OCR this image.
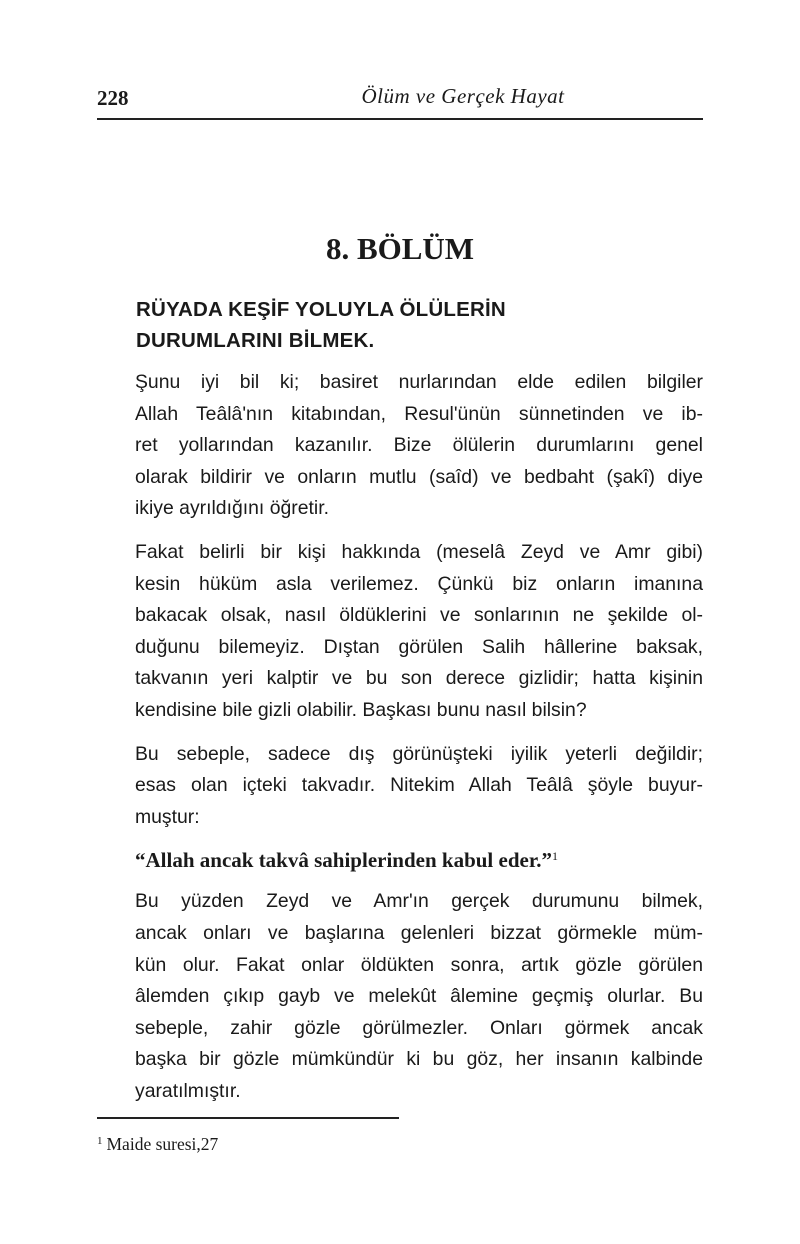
228	Ölüm ve Gerçek Hayat
8. BÖLÜM
RÜYADA KEŞİF YOLUYLA ÖLÜLERİN
DURUMLARINI BİLMEK.

Şunu iyi bil ki; basiret nurlarından elde edilen bilgiler
Allah Teâlâ'nın kitabından, Resul'ünün sünnetinden ve ib-
ret yollarından kazanılır. Bize ölülerin durumlarını genel
olarak bildirir ve onların mutlu (saîd) ve bedbaht (şakî) diye
ikiye ayrıldığını öğretir.

Fakat belirli bir kişi hakkında (meselâ Zeyd ve Amr gibi)
kesin hüküm asla verilemez. Çünkü biz onların imanına
bakacak olsak, nasıl öldüklerini ve sonlarının ne şekilde ol-
duğunu bilemeyiz. Dıştan görülen Salih hâllerine baksak,
takvanın yeri kalptir ve bu son derece gizlidir; hatta kişinin
kendisine bile gizli olabilir. Başkası bunu nasıl bilsin?

Bu sebeple, sadece dış görünüşteki iyilik yeterli değildir;
esas olan içteki takvadır. Nitekim Allah Teâlâ şöyle buyur-
muştur:

“Allah ancak takvâ sahiplerinden kabul eder.”$^1$

Bu yüzden Zeyd ve Amr'ın gerçek durumunu bilmek,
ancak onları ve başlarına gelenleri bizzat görmekle müm-
kün olur. Fakat onlar öldükten sonra, artık gözle görülen
âlemden çıkıp gayb ve melekût âlemine geçmiş olurlar. Bu
sebeple, zahir gözle görülmezler. Onları görmek ancak
başka bir gözle mümkündür ki bu göz, her insanın kalbinde
yaratılmıştır.

$^1$ Maide suresi,27
